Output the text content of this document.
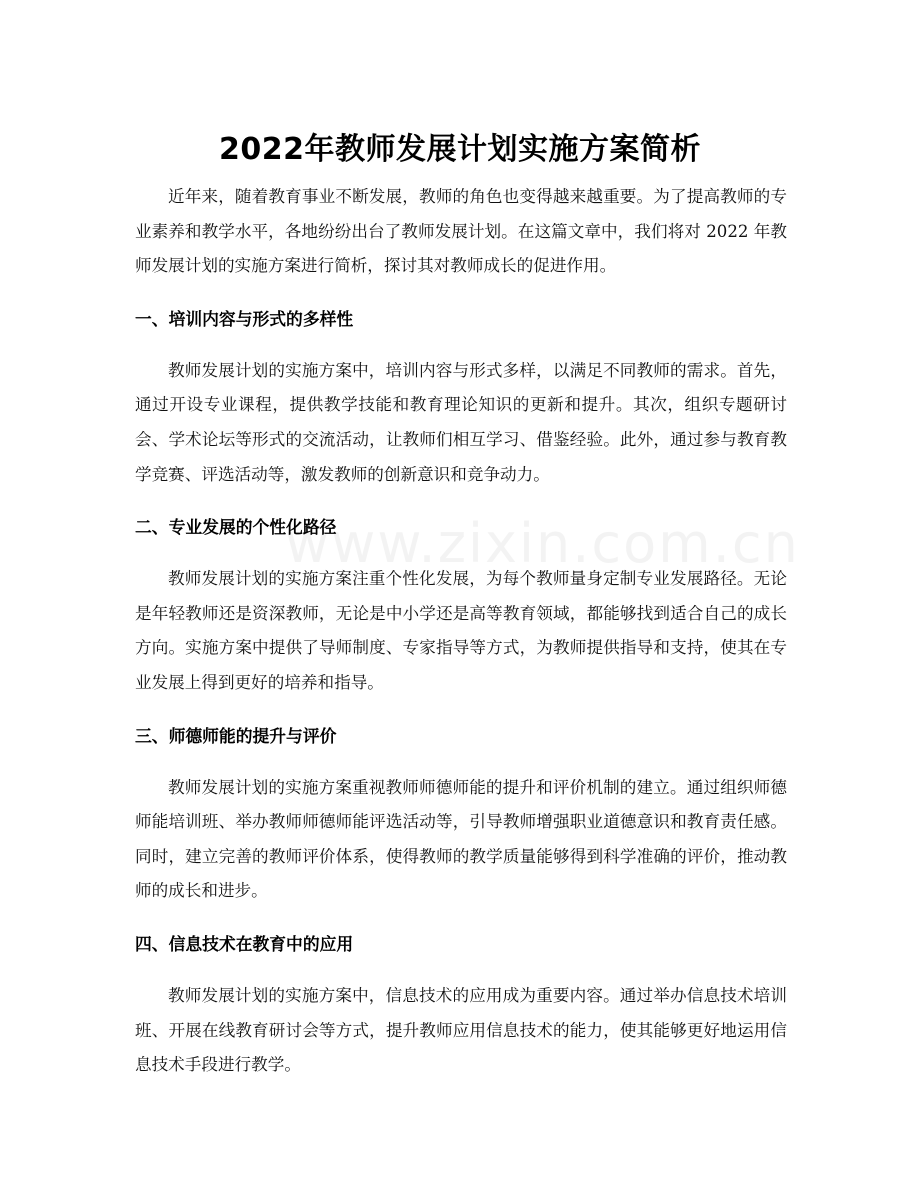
www.zixin.com.cn
2022年教师发展计划实施方案简析

近年来，随着教育事业不断发展，教师的角色也变得越来越重要。为了提高教师的专业素养和教学水平，各地纷纷出台了教师发展计划。在这篇文章中，我们将对 2022 年教师发展计划的实施方案进行简析，探讨其对教师成长的促进作用。

一、培训内容与形式的多样性

教师发展计划的实施方案中，培训内容与形式多样，以满足不同教师的需求。首先，通过开设专业课程，提供教学技能和教育理论知识的更新和提升。其次，组织专题研讨会、学术论坛等形式的交流活动，让教师们相互学习、借鉴经验。此外，通过参与教育教学竞赛、评选活动等，激发教师的创新意识和竞争动力。

二、专业发展的个性化路径

教师发展计划的实施方案注重个性化发展，为每个教师量身定制专业发展路径。无论是年轻教师还是资深教师，无论是中小学还是高等教育领域，都能够找到适合自己的成长方向。实施方案中提供了导师制度、专家指导等方式，为教师提供指导和支持，使其在专业发展上得到更好的培养和指导。

三、师德师能的提升与评价

教师发展计划的实施方案重视教师师德师能的提升和评价机制的建立。通过组织师德师能培训班、举办教师师德师能评选活动等，引导教师增强职业道德意识和教育责任感。同时，建立完善的教师评价体系，使得教师的教学质量能够得到科学准确的评价，推动教师的成长和进步。

四、信息技术在教育中的应用

教师发展计划的实施方案中，信息技术的应用成为重要内容。通过举办信息技术培训班、开展在线教育研讨会等方式，提升教师应用信息技术的能力，使其能够更好地运用信息技术手段进行教学。
